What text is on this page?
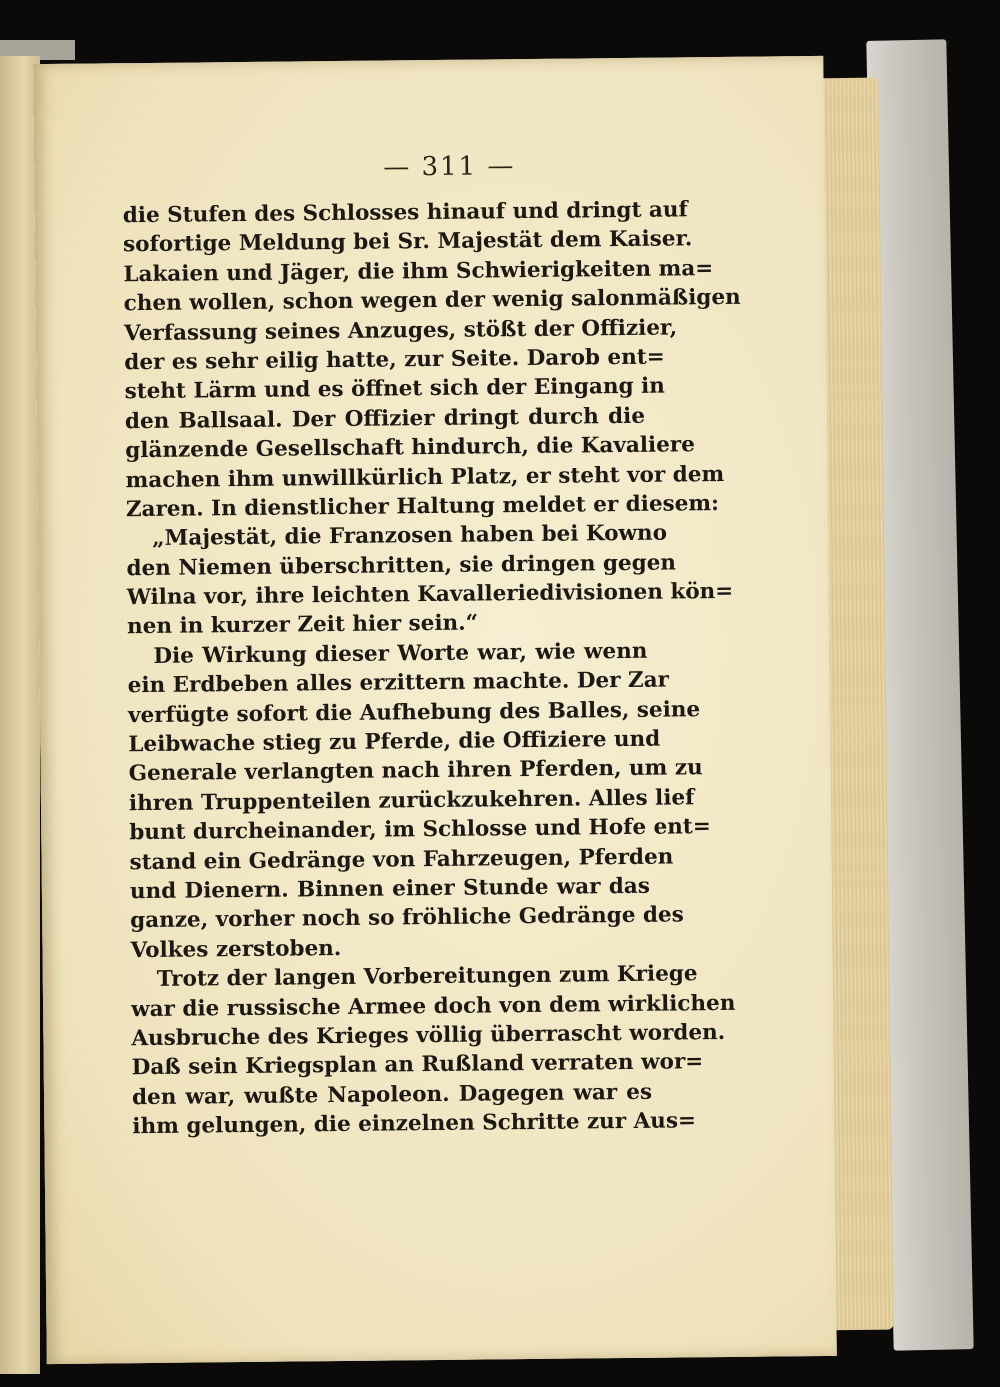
— 311 —
die Stufen des Schlosses hinauf und dringt auf
sofortige Meldung bei Sr. Majestät dem Kaiser.
Lakaien und Jäger, die ihm Schwierigkeiten ma=
chen wollen, schon wegen der wenig salonmäßigen
Verfassung seines Anzuges, stößt der Offizier,
der es sehr eilig hatte, zur Seite. Darob ent=
steht Lärm und es öffnet sich der Eingang in
den Ballsaal. Der Offizier dringt durch die
glänzende Gesellschaft hindurch, die Kavaliere
machen ihm unwillkürlich Platz, er steht vor dem
Zaren. In dienstlicher Haltung meldet er diesem:
„Majestät, die Franzosen haben bei Kowno
den Niemen überschritten, sie dringen gegen
Wilna vor, ihre leichten Kavalleriedivisionen kön=
nen in kurzer Zeit hier sein.“
Die Wirkung dieser Worte war, wie wenn
ein Erdbeben alles erzittern machte. Der Zar
verfügte sofort die Aufhebung des Balles, seine
Leibwache stieg zu Pferde, die Offiziere und
Generale verlangten nach ihren Pferden, um zu
ihren Truppenteilen zurückzukehren. Alles lief
bunt durcheinander, im Schlosse und Hofe ent=
stand ein Gedränge von Fahrzeugen, Pferden
und Dienern. Binnen einer Stunde war das
ganze, vorher noch so fröhliche Gedränge des
Volkes zerstoben.
Trotz der langen Vorbereitungen zum Kriege
war die russische Armee doch von dem wirklichen
Ausbruche des Krieges völlig überrascht worden.
Daß sein Kriegsplan an Rußland verraten wor=
den war, wußte Napoleon. Dagegen war es
ihm gelungen, die einzelnen Schritte zur Aus=
